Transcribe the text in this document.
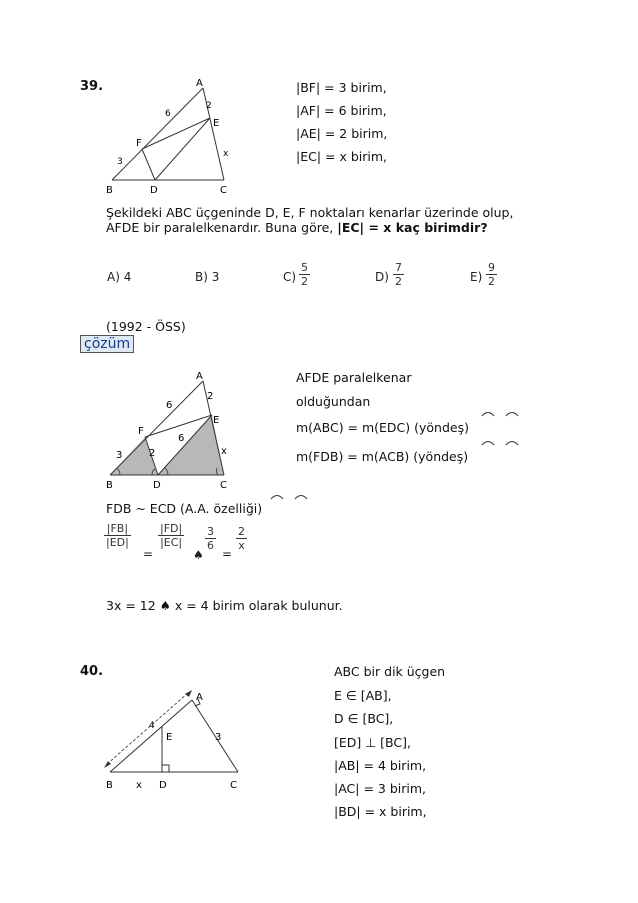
39.	A
B	C
D
E
F
6
3
2
x
|BF| = 3 birim,
|AF| = 6 birim,
|AE| = 2 birim,
|EC| = x birim,
Şekildeki ABC üçgeninde D, E, F noktaları kenarlar üzerinde olup,
AFDE bir paralelkenardır. Buna göre, |EC| = x kaç birimdir?
A) 4	B) 3	$C) \frac{5}{2}$	$D) \frac{7}{2}$	$E) \frac{9}{2}$
(1992 - ÖSS)
çözüm
A
B	C
D
E
F
6
6
3
2
2	x
AFDE paralelkenar
olduğundan
m(ABC) = m(EDC) (yöndeş)
m(FDB) = m(ACB) (yöndeş)
FDB ~ ECD (A.A. özelliği)
$\frac{|FB|}{|ED|}$
=
$\frac{|FD|}{|EC|}$
♠
$\frac{3}{6}$
=
$\frac{2}{x}$
3x = 12 ♠ x = 4 birim olarak bulunur.
40.
A
B	C
D
E
4
3
x
ABC bir dik üçgen
E ∈ [AB],
D ∈ [BC],
[ED] ⊥ [BC],
|AB| = 4 birim,
|AC| = 3 birim,
|BD| = x birim,
